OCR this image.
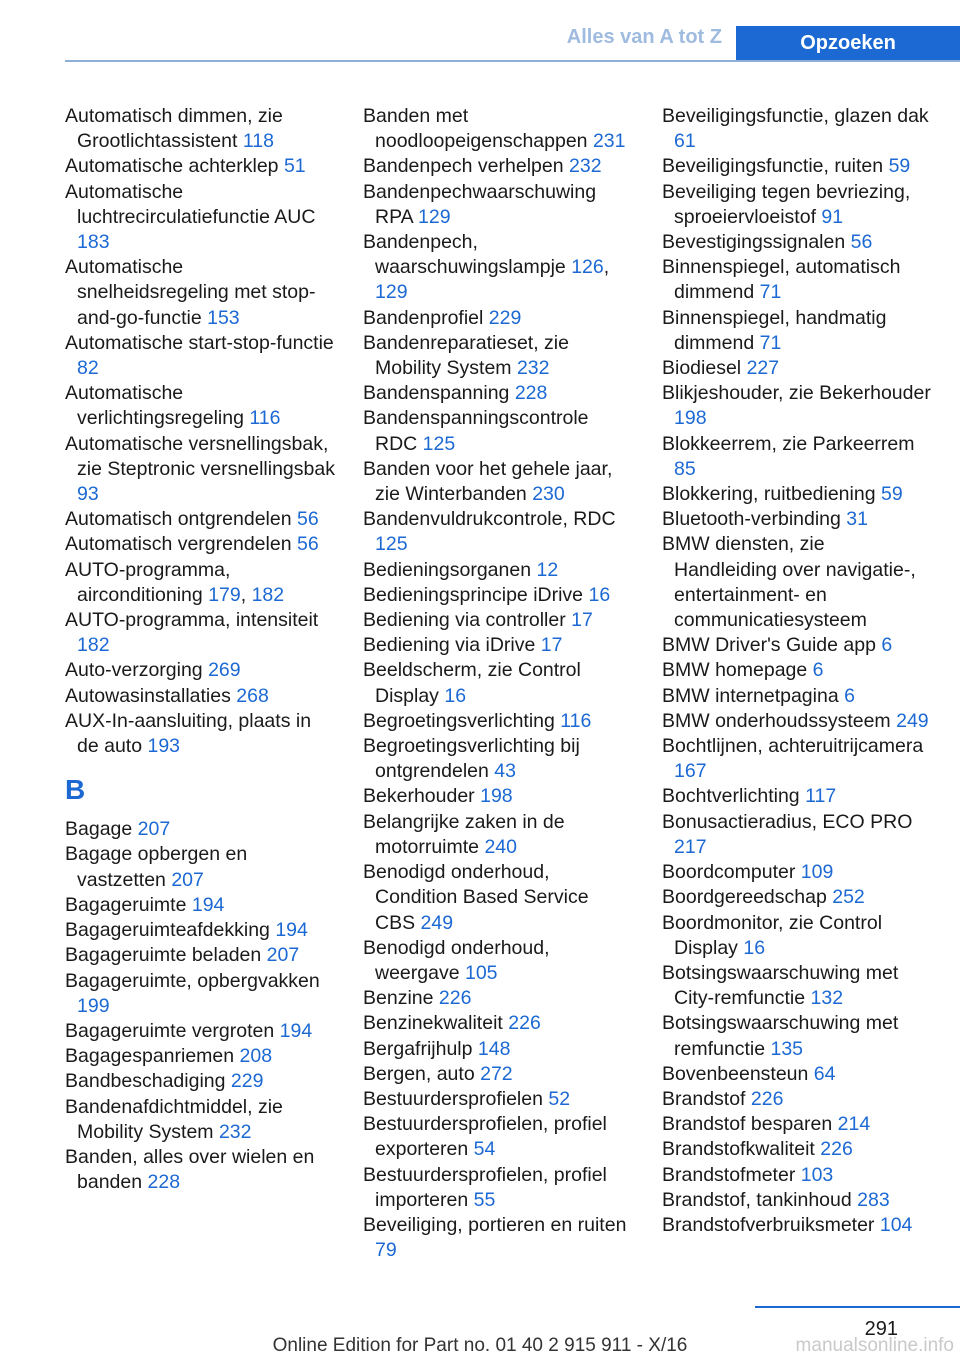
Alles van A tot Z	Opzoeken
Automatisch dimmen, zie Grootlichtassistent 118
Automatische achterklep 51
Automatische luchtrecirculatiefunctie AUC 183
Automatische snelheidsregeling met stop-and-go-functie 153
Automatische start-stop-functie 82
Automatische verlichtingsregeling 116
Automatische versnellingsbak, zie Steptronic versnellingsbak 93
Automatisch ontgrendelen 56
Automatisch vergrendelen 56
AUTO-programma, airconditioning 179, 182
AUTO-programma, intensiteit 182
Auto-verzorging 269
Autowasinstallaties 268
AUX-In-aansluiting, plaats in de auto 193
B
Bagage 207
Bagage opbergen en vastzetten 207
Bagageruimte 194
Bagageruimteafdekking 194
Bagageruimte beladen 207
Bagageruimte, opbergvakken 199
Bagageruimte vergroten 194
Bagagespanriemen 208
Bandbeschadiging 229
Bandenafdichtmiddel, zie Mobility System 232
Banden, alles over wielen en banden 228
Banden met noodloopeigenschappen 231
Bandenpech verhelpen 232
Bandenpechwaarschuwing RPA 129
Bandenpech, waarschuwingslampje 126, 129
Bandenprofiel 229
Bandenreparatieset, zie Mobility System 232
Bandenspanning 228
Bandenspanningscontrole RDC 125
Banden voor het gehele jaar, zie Winterbanden 230
Bandenvuldrukcontrole, RDC 125
Bedieningsorganen 12
Bedieningsprincipe iDrive 16
Bediening via controller 17
Bediening via iDrive 17
Beeldscherm, zie Control Display 16
Begroetingsverlichting 116
Begroetingsverlichting bij ontgrendelen 43
Bekerhouder 198
Belangrijke zaken in de motorruimte 240
Benodigd onderhoud, Condition Based Service CBS 249
Benodigd onderhoud, weergave 105
Benzine 226
Benzinekwaliteit 226
Bergafrijhulp 148
Bergen, auto 272
Bestuurdersprofielen 52
Bestuurdersprofielen, profiel exporteren 54
Bestuurdersprofielen, profiel importeren 55
Beveiliging, portieren en ruiten 79
Beveiligingsfunctie, glazen dak 61
Beveiligingsfunctie, ruiten 59
Beveiliging tegen bevriezing, sproeiervloeistof 91
Bevestigingssignalen 56
Binnenspiegel, automatisch dimmend 71
Binnenspiegel, handmatig dimmend 71
Biodiesel 227
Blikjeshouder, zie Bekerhouder 198
Blokkeerrem, zie Parkeerrem 85
Blokkering, ruitbediening 59
Bluetooth-verbinding 31
BMW diensten, zie Handleiding over navigatie-, entertainment- en communicatiesysteem
BMW Driver's Guide app 6
BMW homepage 6
BMW internetpagina 6
BMW onderhoudssysteem 249
Bochtlijnen, achteruitrijcamera 167
Bochtverlichting 117
Bonusactieradius, ECO PRO 217
Boordcomputer 109
Boordgereedschap 252
Boordmonitor, zie Control Display 16
Botsingswaarschuwing met City-remfunctie 132
Botsingswaarschuwing met remfunctie 135
Bovenbeensteun 64
Brandstof 226
Brandstof besparen 214
Brandstofkwaliteit 226
Brandstofmeter 103
Brandstof, tankinhoud 283
Brandstofverbruiksmeter 104
291
Online Edition for Part no. 01 40 2 915 911 - X/16	manualsonline.info
